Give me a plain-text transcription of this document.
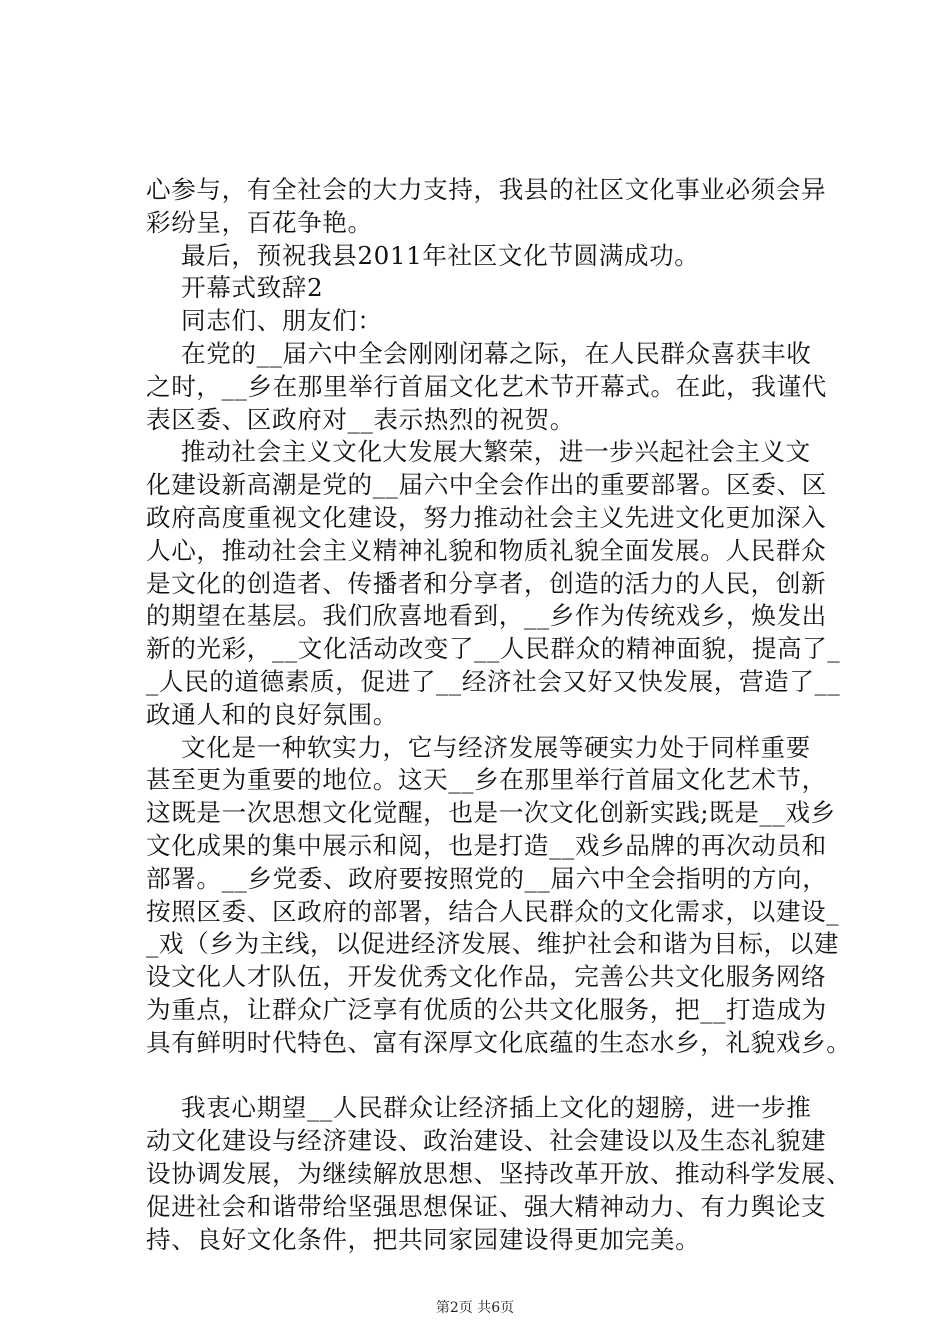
心参与，有全社会的大力支持，我县的社区文化事业必须会异
彩纷呈，百花争艳。
最后，预祝我县2011年社区文化节圆满成功。
开幕式致辞2
同志们、朋友们：
在党的__届六中全会刚刚闭幕之际，在人民群众喜获丰收
之时，__乡在那里举行首届文化艺术节开幕式。在此，我谨代
表区委、区政府对__表示热烈的祝贺。
推动社会主义文化大发展大繁荣，进一步兴起社会主义文
化建设新高潮是党的__届六中全会作出的重要部署。区委、区
政府高度重视文化建设，努力推动社会主义先进文化更加深入
人心，推动社会主义精神礼貌和物质礼貌全面发展。人民群众
是文化的创造者、传播者和分享者，创造的活力的人民，创新
的期望在基层。我们欣喜地看到，__乡作为传统戏乡，焕发出
新的光彩，__文化活动改变了__人民群众的精神面貌，提高了_
_人民的道德素质，促进了__经济社会又好又快发展，营造了__
政通人和的良好氛围。
文化是一种软实力，它与经济发展等硬实力处于同样重要
甚至更为重要的地位。这天__乡在那里举行首届文化艺术节，
这既是一次思想文化觉醒，也是一次文化创新实践;既是__戏乡
文化成果的集中展示和阅，也是打造__戏乡品牌的再次动员和
部署。__乡党委、政府要按照党的__届六中全会指明的方向，
按照区委、区政府的部署，结合人民群众的文化需求，以建设_
_戏（乡为主线，以促进经济发展、维护社会和谐为目标，以建
设文化人才队伍，开发优秀文化作品，完善公共文化服务网络
为重点，让群众广泛享有优质的公共文化服务，把__打造成为
具有鲜明时代特色、富有深厚文化底蕴的生态水乡，礼貌戏乡。
我衷心期望__人民群众让经济插上文化的翅膀，进一步推
动文化建设与经济建设、政治建设、社会建设以及生态礼貌建
设协调发展，为继续解放思想、坚持改革开放、推动科学发展、
促进社会和谐带给坚强思想保证、强大精神动力、有力舆论支
持、良好文化条件，把共同家园建设得更加完美。
第2页 共6页
